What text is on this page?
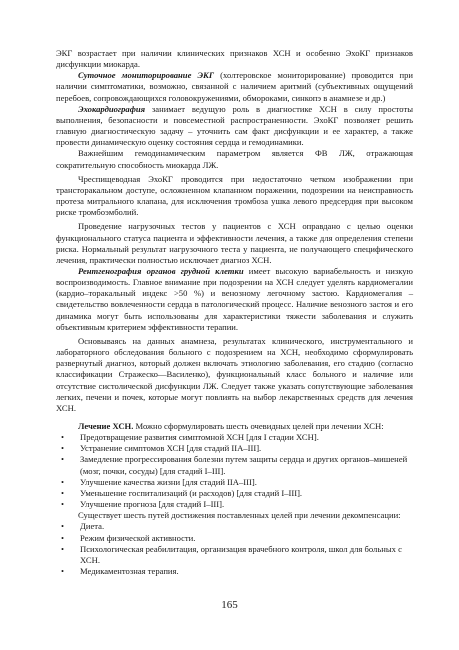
ЭКГ возрастает при наличии клинических признаков ХСН и особенно ЭхоКГ признаков дисфункции миокарда.

Суточное мониторирование ЭКГ (холтеровское мониторирование) проводится при наличии симптоматики, возможно, связанной с наличием аритмий (субъективных ощущений перебоев, сопровождающихся головокружениями, обмороками, синкопэ в анамнезе и др.)

Эхокардиография занимает ведущую роль в диагностике ХСН в силу простоты выполнения, безопасности и повсеместной распространенности. ЭхоКГ позволяет решить главную диагностическую задачу – уточнить сам факт дисфункции и ее характер, а также провести динамическую оценку состояния сердца и гемодинамики.

Важнейшим гемодинамическим параметром является ФВ ЛЖ, отражающая сократительную способность миокарда ЛЖ.

Чреспищеводная ЭхоКГ проводится при недостаточно четком изображении при трансторакальном доступе, осложненном клапанном поражении, подозрении на неисправность протеза митрального клапана, для исключения тромбоза ушка левого предсердия при высоком риске тромбоэмболий.

Проведение нагрузочных тестов у пациентов с ХСН оправдано с целью оценки функционального статуса пациента и эффективности лечения, а также для определения степени риска. Нормальный результат нагрузочного теста у пациента, не получающего специфического лечения, практически полностью исключает диагноз ХСН.

Рентгенография органов грудной клетки имеет высокую вариабельность и низкую воспроизводимость. Главное внимание при подозрении на ХСН следует уделять кардиомегалии (кардио–торакальный индекс >50 %) и венозному легочному застою. Кардиомегалия – свидетельство вовлеченности сердца в патологический процесс. Наличие венозного застоя и его динамика могут быть использованы для характеристики тяжести заболевания и служить объективным критерием эффективности терапии.

Основываясь на данных анамнеза, результатах клинического, инструментального и лабораторного обследования больного с подозрением на ХСН, необходимо сформулировать развернутый диагноз, который должен включать этиологию заболевания, его стадию (согласно классификации Стражеско—Василенко), функциональный класс больного и наличие или отсутствие систолической дисфункции ЛЖ. Следует также указать сопутствующие заболевания легких, печени и почек, которые могут повлиять на выбор лекарственных средств для лечения ХСН.

Лечение ХСН. Можно сформулировать шесть очевидных целей при лечении ХСН:

• Предотвращение развития симптомной ХСН [для I стадии ХСН].
• Устранение симптомов ХСН [для стадий IIA–III].
• Замедление прогрессирования болезни путем защиты сердца и других органов–мишеней (мозг, почки, сосуды) [для стадий I–III].
• Улучшение качества жизни [для стадий IIA–III].
• Уменьшение госпитализаций (и расходов) [для стадий I–III].
• Улучшение прогноза [для стадий I–III].

Существует шесть путей достижения поставленных целей при лечении декомпенсации:

• Диета.
• Режим физической активности.
• Психологическая реабилитация, организация врачебного контроля, школ для больных с ХСН.
• Медикаментозная терапия.
165
